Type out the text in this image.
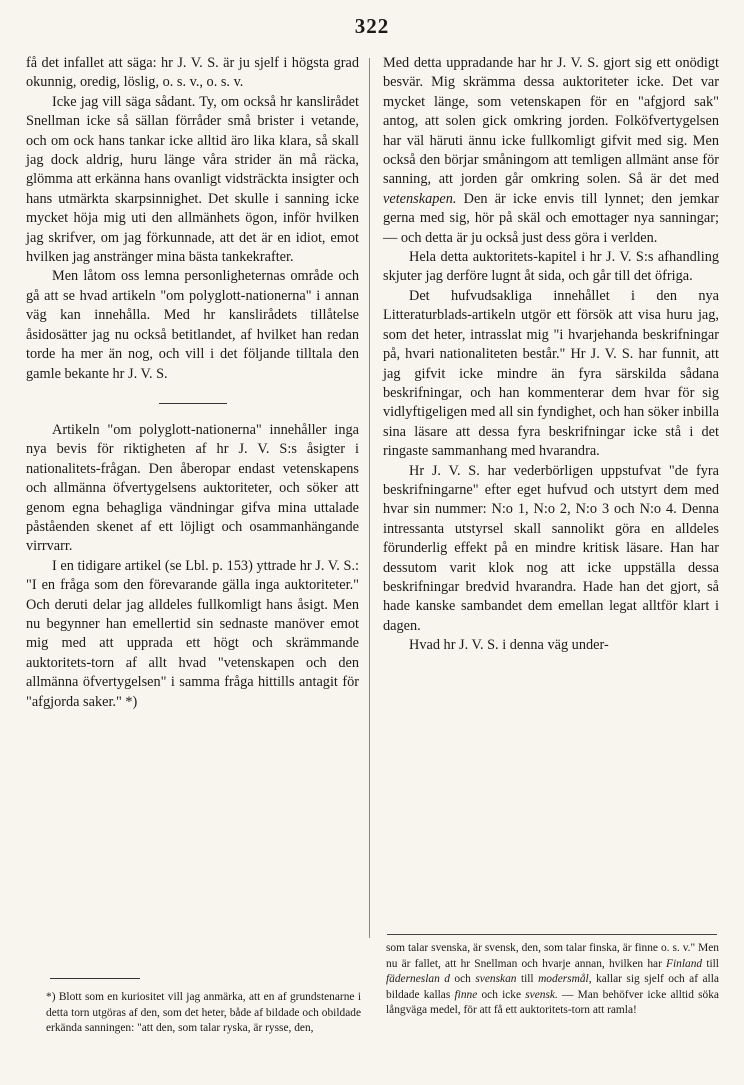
322

få det infallet att säga: hr J. V. S. är ju sjelf i högsta grad okunnig, oredig, löslig, o. s. v., o. s. v.

Icke jag vill säga sådant. Ty, om också hr kanslirådet Snellman icke så sällan förråder små brister i vetande, och om ock hans tankar icke alltid äro lika klara, så skall jag dock aldrig, huru länge våra strider än må räcka, glömma att erkänna hans ovanligt vidsträckta insigter och hans utmärkta skarpsinnighet. Det skulle i sanning icke mycket höja mig uti den allmänhets ögon, inför hvilken jag skrifver, om jag förkunnade, att det är en idiot, emot hvilken jag anstränger mina bästa tankekrafter.

Men låtom oss lemna personligheternas område och gå att se hvad artikeln "om polyglott-nationerna" i annan väg kan innehålla. Med hr kanslirådets tillåtelse åsidosätter jag nu också betitlandet, af hvilket han redan torde ha mer än nog, och vill i det följande tilltala den gamle bekante hr J. V. S.

Artikeln "om polyglott-nationerna" innehåller inga nya bevis för riktigheten af hr J. V. S:s åsigter i nationalitets-frågan. Den åberopar endast vetenskapens och allmänna öfvertygelsens auktoriteter, och söker att genom egna behagliga vändningar gifva mina uttalade påståenden skenet af ett löjligt och osammanhängande virrvarr.

I en tidigare artikel (se Lbl. p. 153) yttrade hr J. V. S.: "I en fråga som den förevarande gälla inga auktoriteter." Och deruti delar jag alldeles fullkomligt hans åsigt. Men nu begynner han emellertid sin sednaste manöver emot mig med att upprada ett högt och skrämmande auktoritets-torn af allt hvad "vetenskapen och den allmänna öfvertygelsen" i samma fråga hittills antagit för "afgjorda saker." *)

Med detta uppradande har hr J. V. S. gjort sig ett onödigt besvär. Mig skrämma dessa auktoriteter icke. Det var mycket länge, som vetenskapen för en "afgjord sak" antog, att solen gick omkring jorden. Folköfvertygelsen har väl häruti ännu icke fullkomligt gifvit med sig. Men också den börjar småningom att temligen allmänt anse för sanning, att jorden går omkring solen. Så är det med vetenskapen. Den är icke envis till lynnet; den jemkar gerna med sig, hör på skäl och emottager nya sanningar; — och detta är ju också just dess göra i verlden.

Hela detta auktoritets-kapitel i hr J. V. S:s afhandling skjuter jag derföre lugnt åt sida, och går till det öfriga.

Det hufvudsakliga innehållet i den nya Litteraturblads-artikeln utgör ett försök att visa huru jag, som det heter, intrasslat mig "i hvarjehanda beskrifningar på, hvari nationaliteten består." Hr J. V. S. har funnit, att jag gifvit icke mindre än fyra särskilda sådana beskrifningar, och han kommenterar dem hvar för sig vidlyftigeligen med all sin fyndighet, och han söker inbilla sina läsare att dessa fyra beskrifningar icke stå i det ringaste sammanhang med hvarandra.

Hr J. V. S. har vederbörligen uppstufvat "de fyra beskrifningarne" efter eget hufvud och utstyrt dem med hvar sin nummer: N:o 1, N:o 2, N:o 3 och N:o 4. Denna intressanta utstyrsel skall sannolikt göra en alldeles förunderlig effekt på en mindre kritisk läsare. Han har dessutom varit klok nog att icke uppställa dessa beskrifningar bredvid hvarandra. Hade han det gjort, så hade kanske sambandet dem emellan legat alltför klart i dagen.

Hvad hr J. V. S. i denna väg under-

*) Blott som en kuriositet vill jag anmärka, att en af grundstenarne i detta torn utgöras af den, som det heter, både af bildade och obildade erkända sanningen: "att den, som talar ryska, är rysse, den,

som talar svenska, är svensk, den, som talar finska, är finne o. s. v." Men nu är fallet, att hr Snellman och hvarje annan, hvilken har Finland till fäderneslan d och svenskan till modersmål, kallar sig sjelf och af alla bildade kallas finne och icke svensk. — Man behöfver icke alltid söka långväga medel, för att få ett auktoritets-torn att ramla!
